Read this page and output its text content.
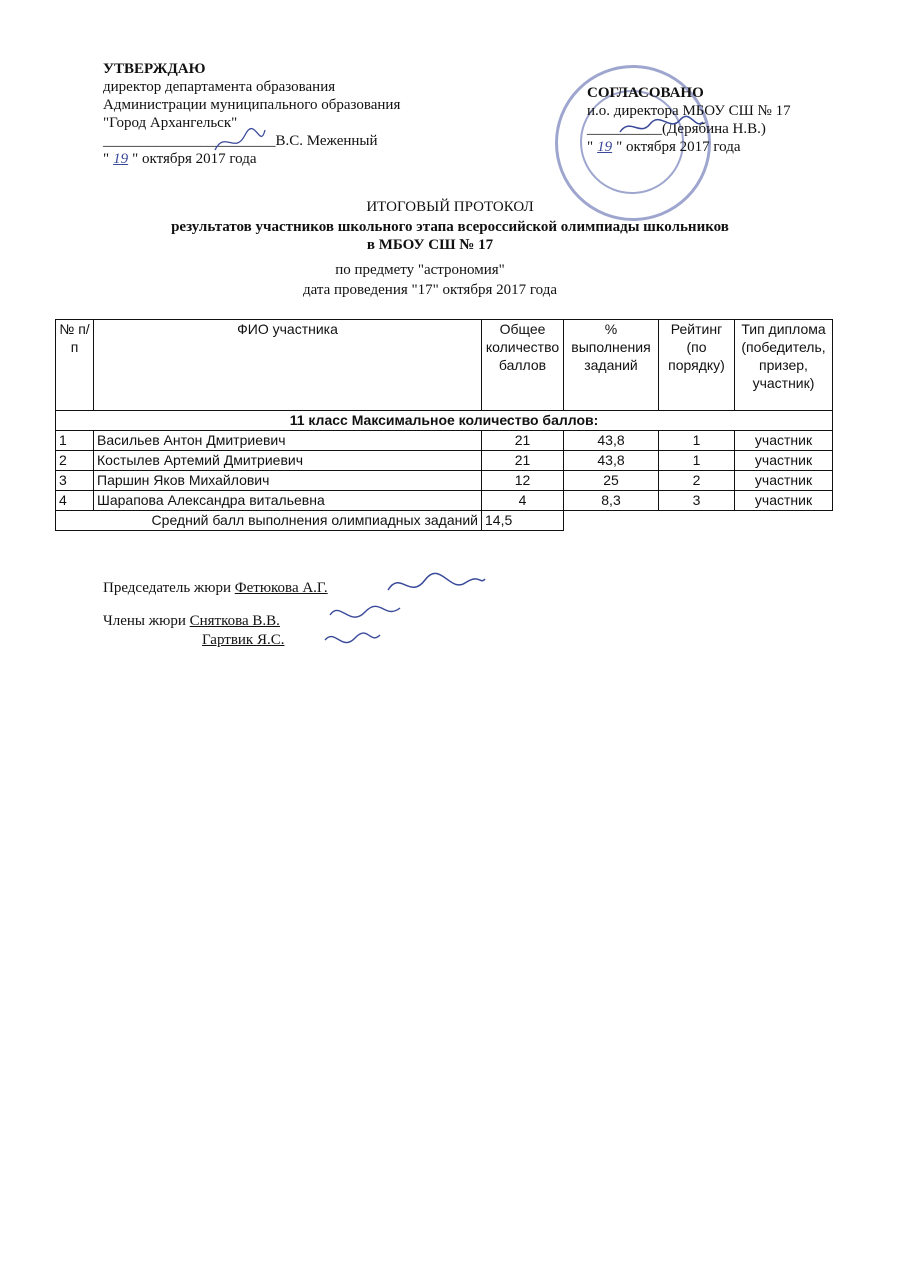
УТВЕРЖДАЮ
директор департамента образования
Администрации муниципального образования
"Город Архангельск"
_______________________В.С. Меженный
" 19 " октября 2017 года
СОГЛАСОВАНО
и.о. директора МБОУ СШ № 17
__________(Дерябина Н.В.)
" 19 " октября 2017 года
ИТОГОВЫЙ ПРОТОКОЛ
результатов участников школьного этапа всероссийской олимпиады школьников
в МБОУ СШ № 17
по предмету "астрономия"
дата проведения "17" октября 2017 года
№ п/п	ФИО участника	Общее количество баллов	% выполнения заданий	Рейтинг (по порядку)	Тип диплома (победитель, призер, участник)
11 класс Максимальное количество баллов:					
1	Васильев Антон Дмитриевич	21	43,8	1	участник
2	Костылев Артемий Дмитриевич	21	43,8	1	участник
3	Паршин Яков Михайлович	12	25	2	участник
4	Шарапова Александра витальевна	4	8,3	3	участник
Средний балл выполнения олимпиадных заданий		14,5			
Председатель жюри Фетюкова А.Г.
Члены жюри Сняткова В.В.
Гартвик Я.С.
